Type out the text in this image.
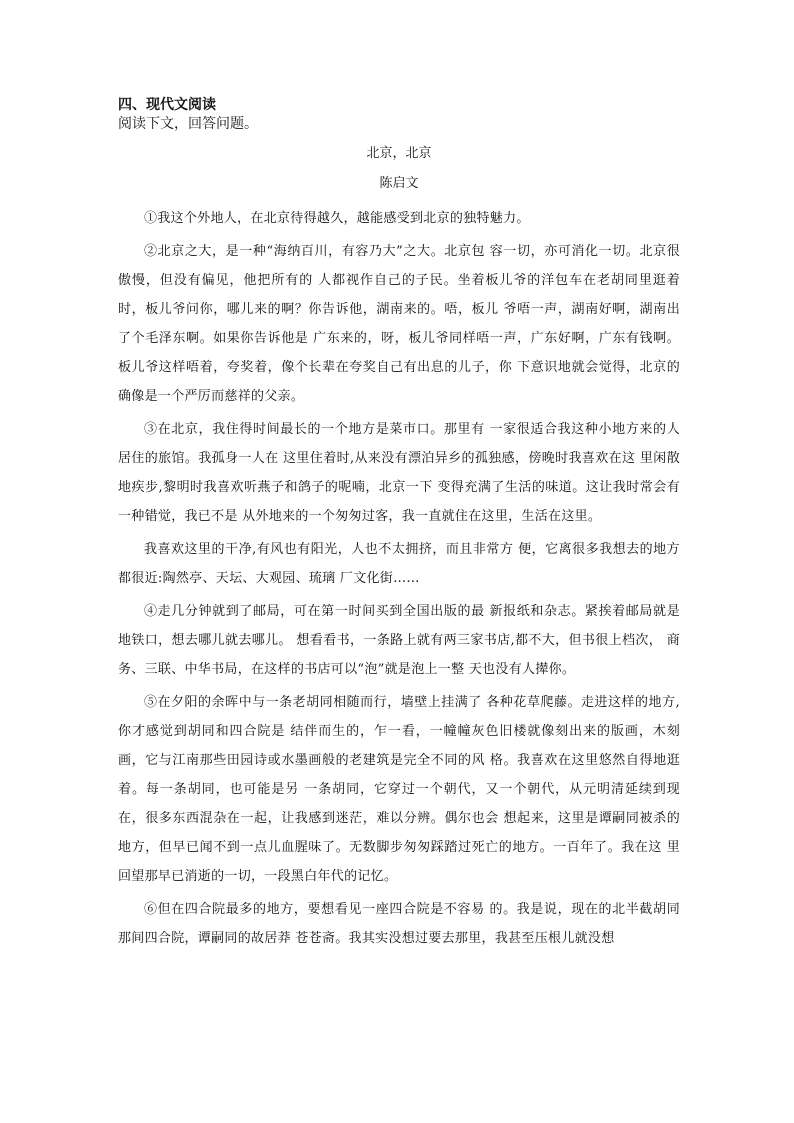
四、现代文阅读

阅读下文，回答问题。

北京，北京

陈启文

①我这个外地人，在北京待得越久，越能感受到北京的独特魅力。

②北京之大，是一种“海纳百川，有容乃大”之大。北京包 容一切，亦可消化一切。北京很傲慢，但没有偏见，他把所有的 人都视作自己的子民。坐着板儿爷的洋包车在老胡同里逛着 时，板儿爷问你，哪儿来的啊？你告诉他，湖南来的。唔，板儿 爷唔一声，湖南好啊，湖南出了个毛泽东啊。如果你告诉他是 广东来的，呀，板儿爷同样唔一声，广东好啊，广东有钱啊。板儿爷这样唔着，夸奖着，像个长辈在夸奖自己有出息的儿子，你 下意识地就会觉得，北京的确像是一个严厉而慈祥的父亲。

③在北京，我住得时间最长的一个地方是菜市口。那里有 一家很适合我这种小地方来的人居住的旅馆。我孤身一人在 这里住着时,从来没有漂泊异乡的孤独感，傍晚时我喜欢在这 里闲散地疾步,黎明时我喜欢听燕子和鸽子的呢喃，北京一下 变得充满了生活的味道。这让我时常会有一种错觉，我已不是 从外地来的一个匆匆过客，我一直就住在这里，生活在这里。

我喜欢这里的干净,有风也有阳光，人也不太拥挤，而且非常方 便，它离很多我想去的地方都很近:陶然亭、天坛、大观园、琉璃 厂文化街……

④走几分钟就到了邮局，可在第一时间买到全国出版的最 新报纸和杂志。紧挨着邮局就是地铁口，想去哪儿就去哪儿。 想看看书，一条路上就有两三家书店,都不大，但书很上档次， 商务、三联、中华书局，在这样的书店可以“泡”就是泡上一整 天也没有人撵你。

⑤在夕阳的余晖中与一条老胡同相随而行，墙壁上挂满了 各种花草爬藤。走进这样的地方,你才感觉到胡同和四合院是 结伴而生的，乍一看，一幢幢灰色旧楼就像刻出来的版画，木刻 画，它与江南那些田园诗或水墨画般的老建筑是完全不同的风 格。我喜欢在这里悠然自得地逛着。每一条胡同，也可能是另 一条胡同，它穿过一个朝代，又一个朝代，从元明清延续到现 在，很多东西混杂在一起，让我感到迷茫，难以分辨。偶尔也会 想起来，这里是谭嗣同被杀的地方，但早已闻不到一点儿血腥味了。无数脚步匆匆踩踏过死亡的地方。一百年了。我在这 里回望那早已消逝的一切，一段黑白年代的记忆。

⑥但在四合院最多的地方，要想看见一座四合院是不容易 的。我是说，现在的北半截胡同那间四合院，谭嗣同的故居莽 苍苍斋。我其实没想过要去那里，我甚至压根儿就没想
